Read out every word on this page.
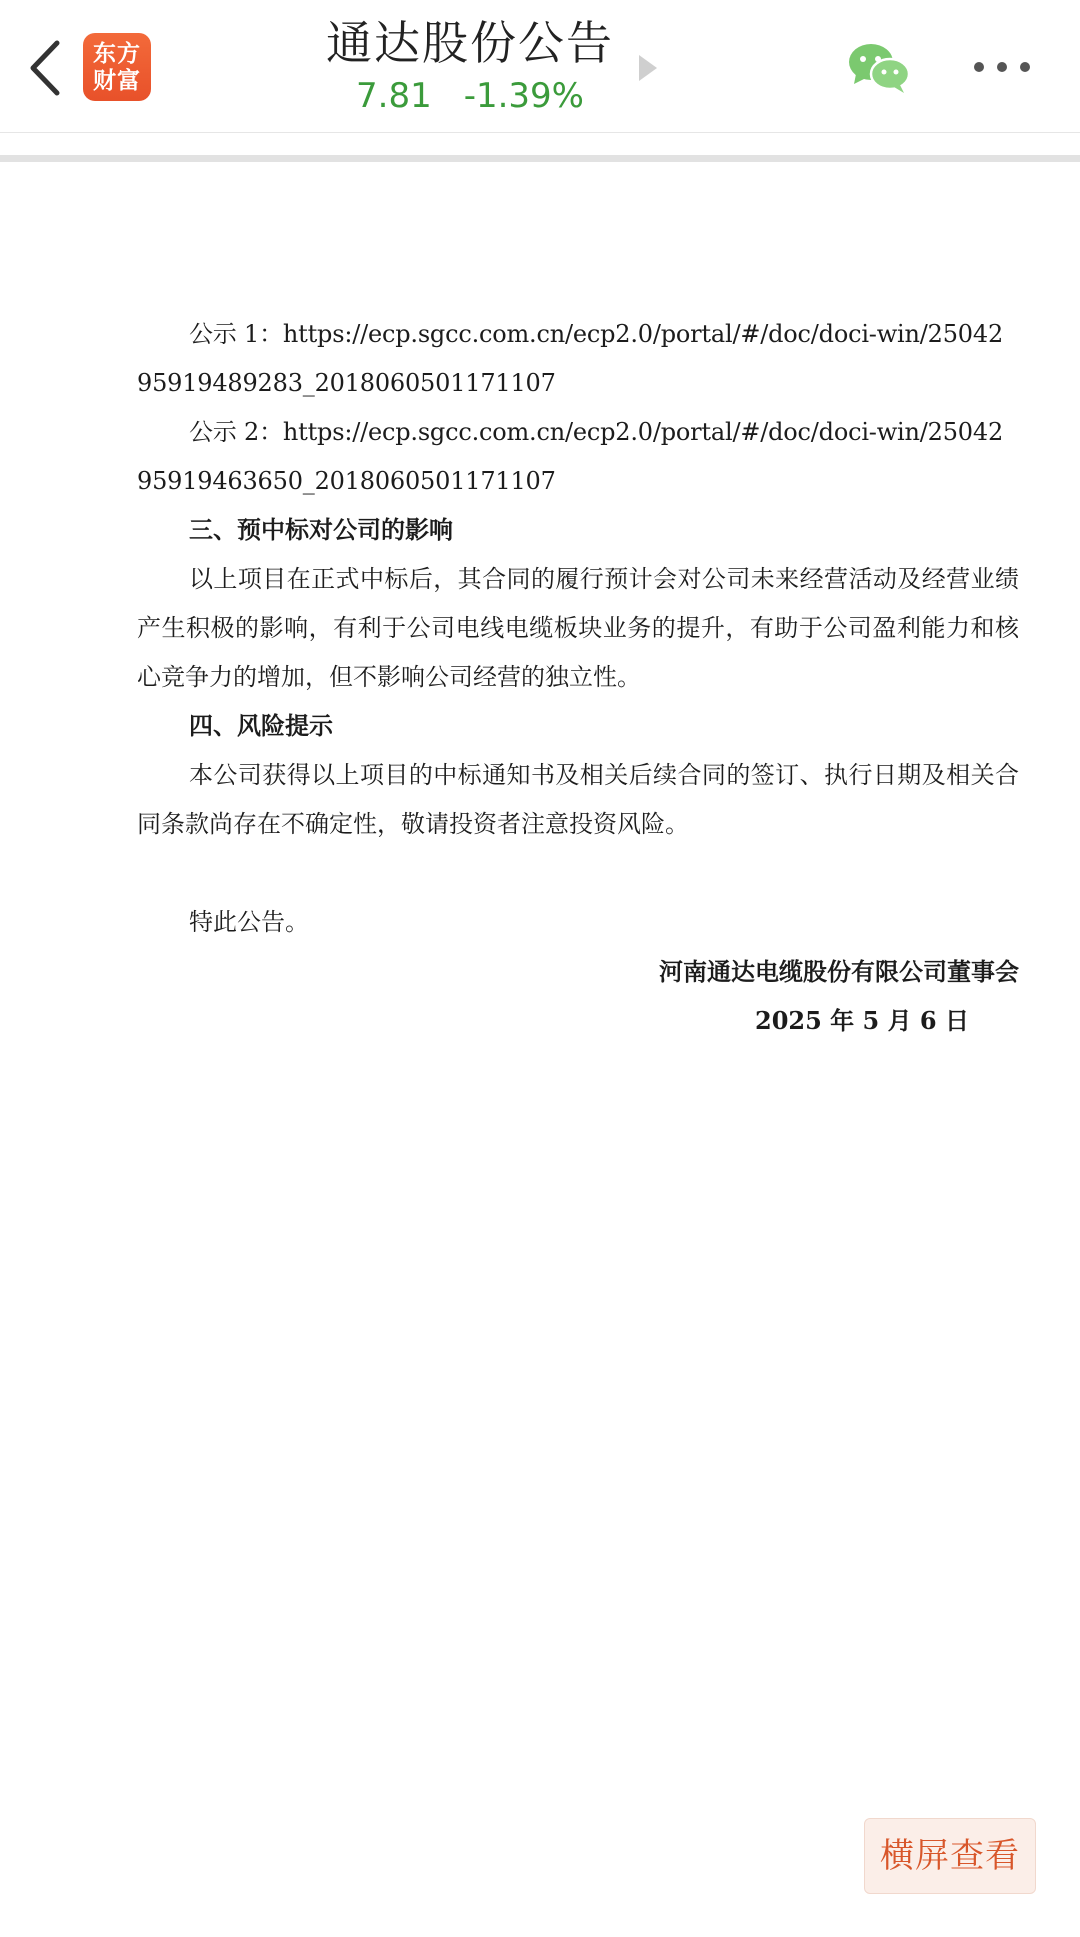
东方
财富
通达股份公告
7.81 -1.39%

公示 1：https://ecp.sgcc.com.cn/ecp2.0/portal/#/doc/doci-win/25042

95919489283_2018060501171107

公示 2：https://ecp.sgcc.com.cn/ecp2.0/portal/#/doc/doci-win/25042

95919463650_2018060501171107

三、预中标对公司的影响

以上项目在正式中标后，其合同的履行预计会对公司未来经营活动及经营业绩产生积极的影响，有利于公司电线电缆板块业务的提升，有助于公司盈利能力和核心竞争力的增加，但不影响公司经营的独立性。

四、风险提示

本公司获得以上项目的中标通知书及相关后续合同的签订、执行日期及相关合同条款尚存在不确定性，敬请投资者注意投资风险。

特此公告。

河南通达电缆股份有限公司董事会

2025 年 5 月 6 日

横屏查看
